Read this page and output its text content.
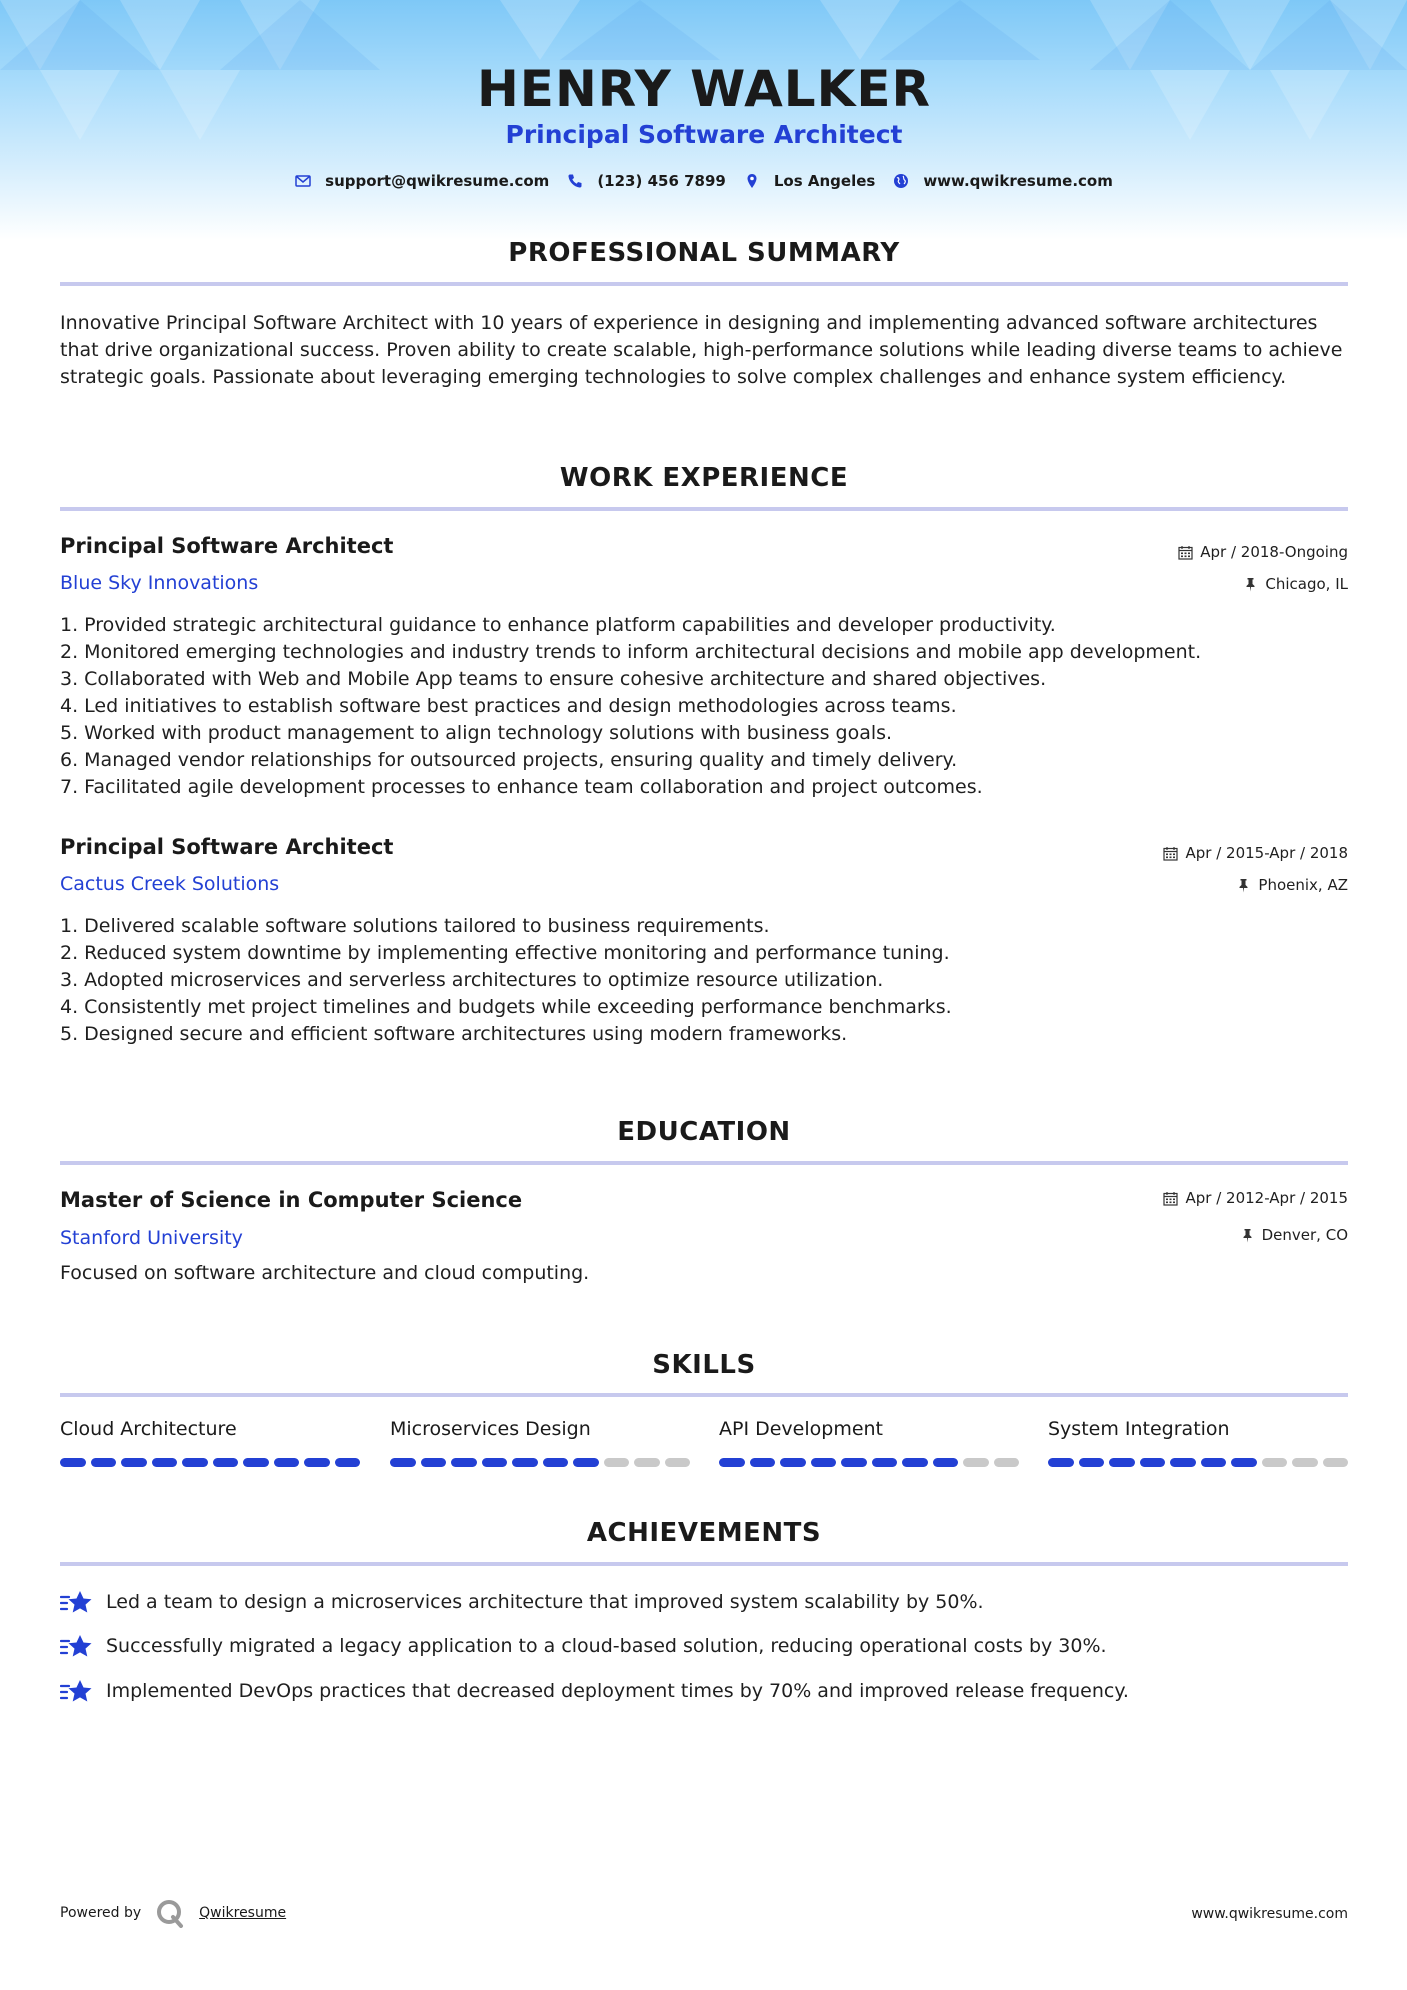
HENRY WALKER
Principal Software Architect
support@qwikresume.com	(123) 456 7899	Los Angeles	www.qwikresume.com
PROFESSIONAL SUMMARY
Innovative Principal Software Architect with 10 years of experience in designing and implementing advanced software architectures that drive organizational success. Proven ability to create scalable, high-performance solutions while leading diverse teams to achieve strategic goals. Passionate about leveraging emerging technologies to solve complex challenges and enhance system efficiency.
WORK EXPERIENCE
Principal Software Architect
Blue Sky Innovations
Apr / 2018-Ongoing
Chicago, IL
1. Provided strategic architectural guidance to enhance platform capabilities and developer productivity.
2. Monitored emerging technologies and industry trends to inform architectural decisions and mobile app development.
3. Collaborated with Web and Mobile App teams to ensure cohesive architecture and shared objectives.
4. Led initiatives to establish software best practices and design methodologies across teams.
5. Worked with product management to align technology solutions with business goals.
6. Managed vendor relationships for outsourced projects, ensuring quality and timely delivery.
7. Facilitated agile development processes to enhance team collaboration and project outcomes.
Principal Software Architect
Cactus Creek Solutions
Apr / 2015-Apr / 2018
Phoenix, AZ
1. Delivered scalable software solutions tailored to business requirements.
2. Reduced system downtime by implementing effective monitoring and performance tuning.
3. Adopted microservices and serverless architectures to optimize resource utilization.
4. Consistently met project timelines and budgets while exceeding performance benchmarks.
5. Designed secure and efficient software architectures using modern frameworks.
EDUCATION
Master of Science in Computer Science
Stanford University
Apr / 2012-Apr / 2015
Denver, CO
Focused on software architecture and cloud computing.
SKILLS
Cloud Architecture	Microservices Design	API Development	System Integration
ACHIEVEMENTS
Led a team to design a microservices architecture that improved system scalability by 50%.
Successfully migrated a legacy application to a cloud-based solution, reducing operational costs by 30%.
Implemented DevOps practices that decreased deployment times by 70% and improved release frequency.
Powered by	Qwikresume	www.qwikresume.com
